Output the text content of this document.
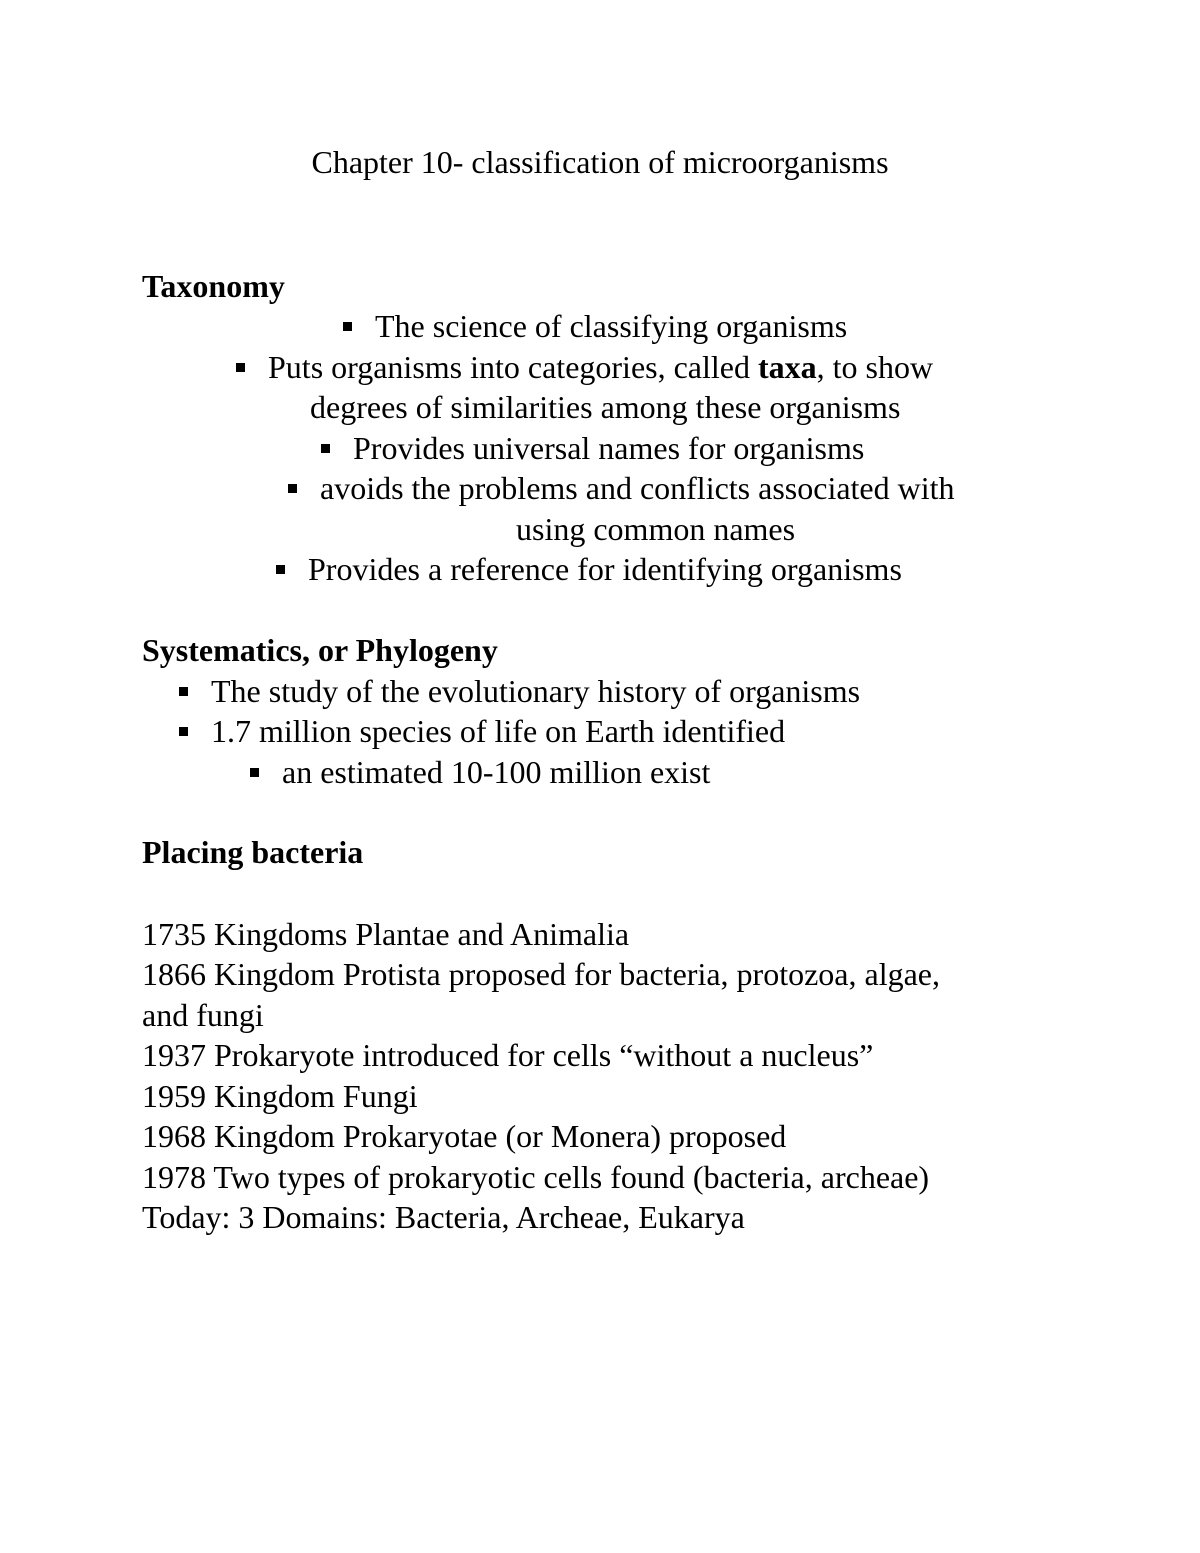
Chapter 10- classification of microorganisms
Taxonomy
The science of classifying organisms
Puts organisms into categories, called taxa, to show
degrees of similarities among these organisms
Provides universal names for organisms
avoids the problems and conflicts associated with
using common names
Provides a reference for identifying organisms
Systematics, or Phylogeny
The study of the evolutionary history of organisms
1.7 million species of life on Earth identified
an estimated 10-100 million exist
Placing bacteria
1735 Kingdoms Plantae and Animalia
1866 Kingdom Protista proposed for bacteria, protozoa, algae,
and fungi
1937 Prokaryote introduced for cells “without a nucleus”
1959 Kingdom Fungi
1968 Kingdom Prokaryotae (or Monera) proposed
1978 Two types of prokaryotic cells found (bacteria, archeae)
Today: 3 Domains: Bacteria, Archeae, Eukarya
